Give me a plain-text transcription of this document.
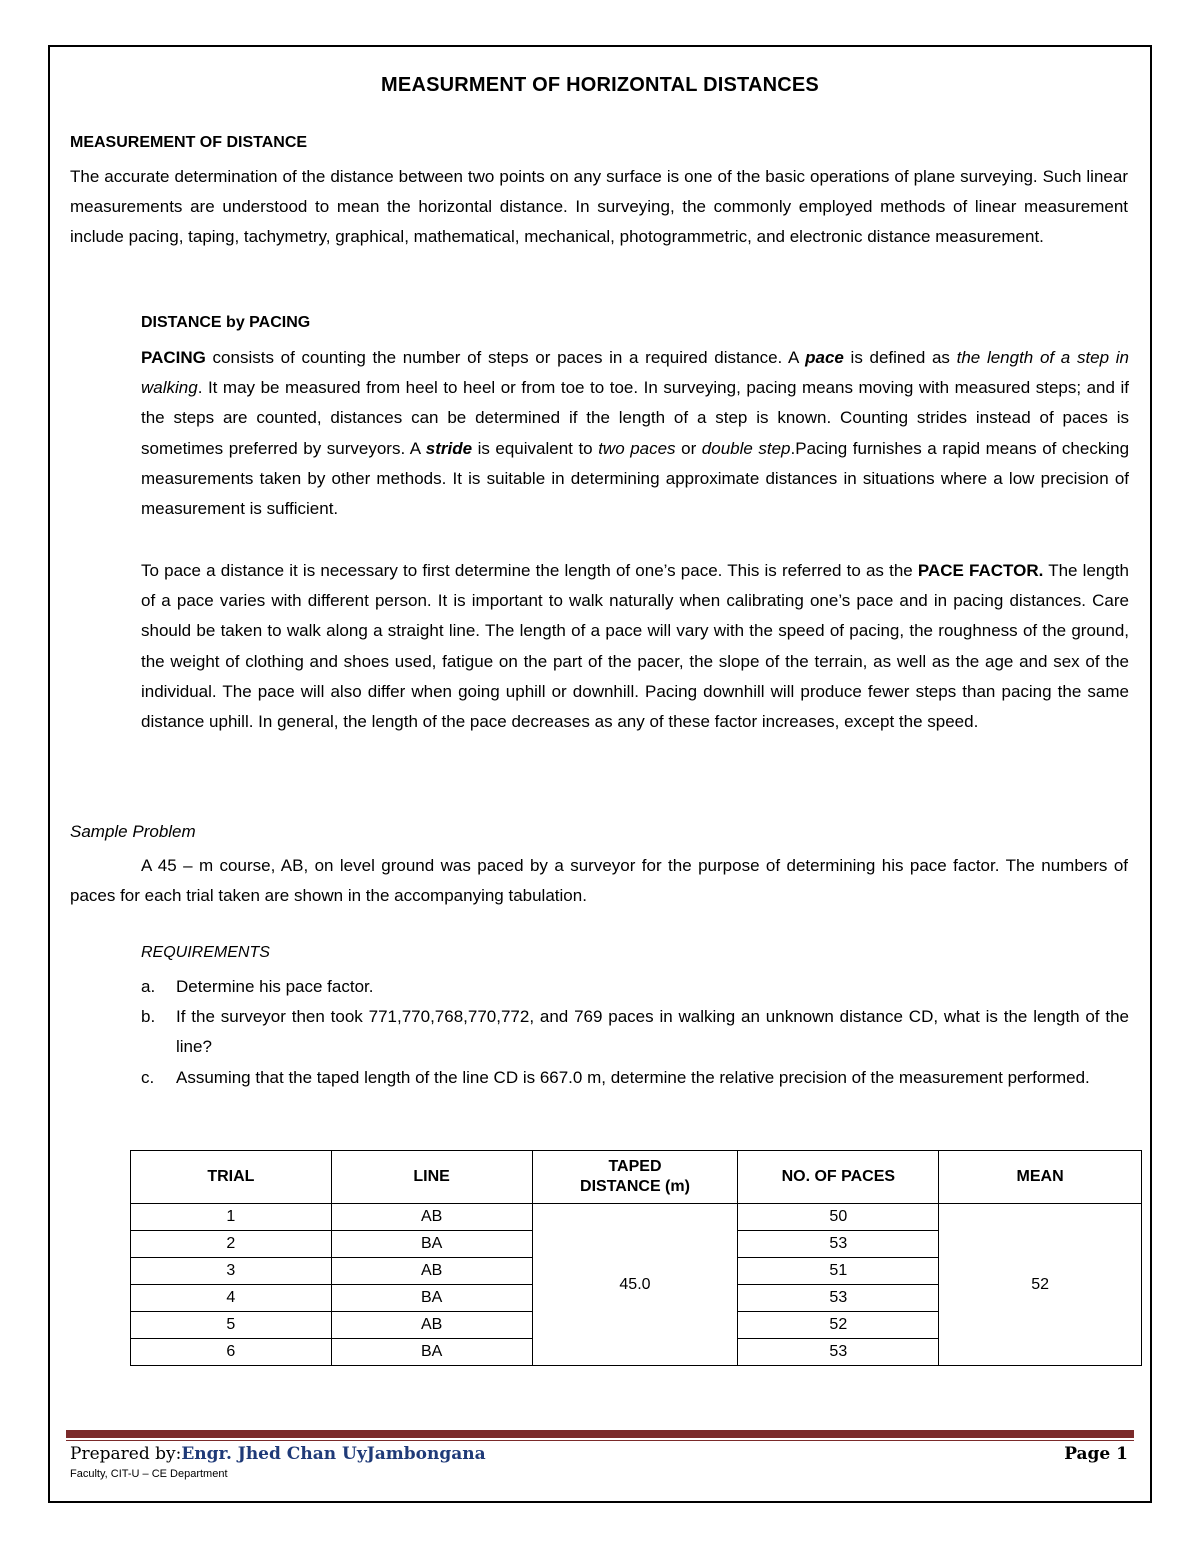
MEASURMENT OF HORIZONTAL DISTANCES
MEASUREMENT OF DISTANCE
The accurate determination of the distance between two points on any surface is one of the basic operations of plane surveying. Such linear measurements are understood to mean the horizontal distance. In surveying, the commonly employed methods of linear measurement include pacing, taping, tachymetry, graphical, mathematical, mechanical, photogrammetric, and electronic distance measurement.
DISTANCE by PACING
PACING consists of counting the number of steps or paces in a required distance. A pace is defined as the length of a step in walking. It may be measured from heel to heel or from toe to toe. In surveying, pacing means moving with measured steps; and if the steps are counted, distances can be determined if the length of a step is known. Counting strides instead of paces is sometimes preferred by surveyors. A stride is equivalent to two paces or double step.Pacing furnishes a rapid means of checking measurements taken by other methods. It is suitable in determining approximate distances in situations where a low precision of measurement is sufficient.
To pace a distance it is necessary to first determine the length of one’s pace. This is referred to as the PACE FACTOR. The length of a pace varies with different person. It is important to walk naturally when calibrating one’s pace and in pacing distances. Care should be taken to walk along a straight line. The length of a pace will vary with the speed of pacing, the roughness of the ground, the weight of clothing and shoes used, fatigue on the part of the pacer, the slope of the terrain, as well as the age and sex of the individual. The pace will also differ when going uphill or downhill. Pacing downhill will produce fewer steps than pacing the same distance uphill. In general, the length of the pace decreases as any of these factor increases, except the speed.
Sample Problem
A 45 – m course, AB, on level ground was paced by a surveyor for the purpose of determining his pace factor. The numbers of paces for each trial taken are shown in the accompanying tabulation.
REQUIREMENTS
a. Determine his pace factor.
b. If the surveyor then took 771,770,768,770,772, and 769 paces in walking an unknown distance CD, what is the length of the line?
c. Assuming that the taped length of the line CD is 667.0 m, determine the relative precision of the measurement performed.
TRIAL	LINE	TAPED DISTANCE (m)	NO. OF PACES	MEAN
1	AB	45.0	50	52
2	BA		53	
3	AB		51	
4	BA		53	
5	AB		52	
6	BA		53	
Prepared by:Engr. Jhed Chan UyJambongana
Faculty, CIT-U – CE Department
Page 1
